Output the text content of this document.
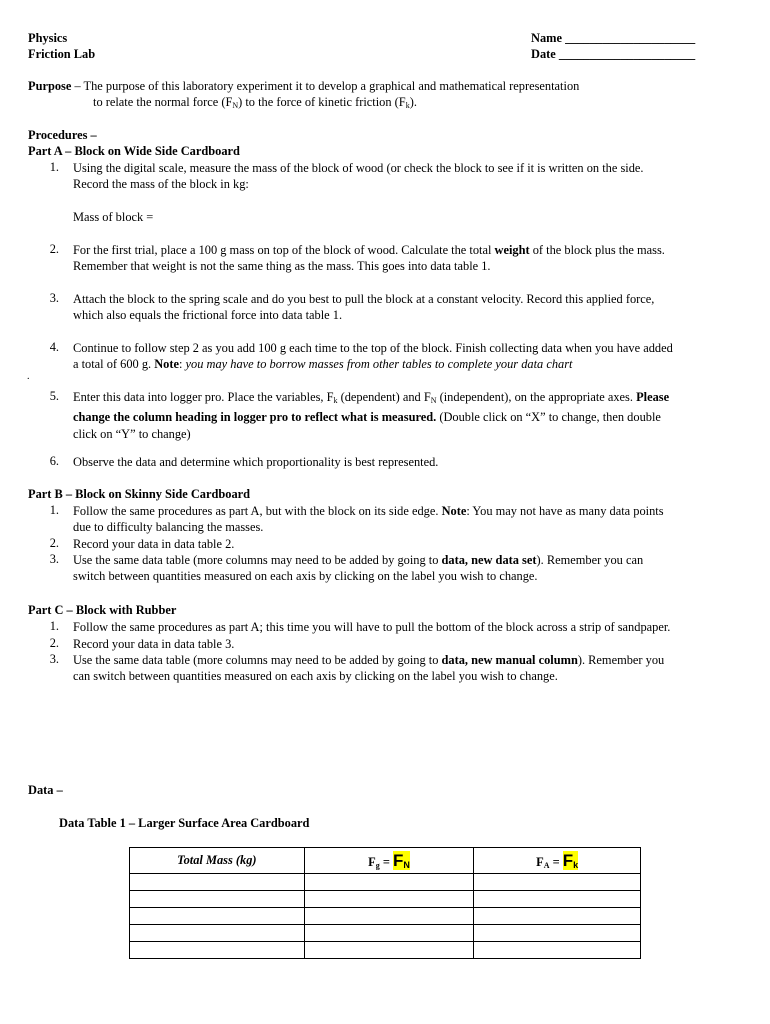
Physics
Friction Lab
Name _____________________
Date ______________________
Purpose – The purpose of this laboratory experiment it to develop a graphical and mathematical representation
to relate the normal force $(F_N)$ to the force of kinetic friction $(F_k)$.
Procedures –
Part A – Block on Wide Side Cardboard
1. Using the digital scale, measure the mass of the block of wood (or check the block to see if it is written on the side.
Record the mass of the block in kg:
Mass of block =
2. For the first trial, place a 100 g mass on top of the block of wood. Calculate the total weight of the block plus the mass.
Remember that weight is not the same thing as the mass. This goes into data table 1.
3. Attach the block to the spring scale and do you best to pull the block at a constant velocity. Record this applied force,
which also equals the frictional force into data table 1.
4. Continue to follow step 2 as you add 100 g each time to the top of the block. Finish collecting data when you have added
a total of 600 g. Note: you may have to borrow masses from other tables to complete your data chart
.
5. Enter this data into logger pro. Place the variables, $F_k$ (dependent) and $F_N$ (independent), on the appropriate axes. Please
change the column heading in logger pro to reflect what is measured. (Double click on “X” to change, then double
click on “Y” to change)
6. Observe the data and determine which proportionality is best represented.
Part B – Block on Skinny Side Cardboard
1. Follow the same procedures as part A, but with the block on its side edge. Note: You may not have as many data points
due to difficulty balancing the masses.
2. Record your data in data table 2.
3. Use the same data table (more columns may need to be added by going to data, new data set). Remember you can
switch between quantities measured on each axis by clicking on the label you wish to change.
Part C – Block with Rubber
1. Follow the same procedures as part A; this time you will have to pull the bottom of the block across a strip of sandpaper.
2. Record your data in data table 3.
3. Use the same data table (more columns may need to be added by going to data, new manual column). Remember you
can switch between quantities measured on each axis by clicking on the label you wish to change.
Data –
Data Table 1 – Larger Surface Area Cardboard
Total Mass (kg)	$F_g = F_N$	$F_A = F_k$
